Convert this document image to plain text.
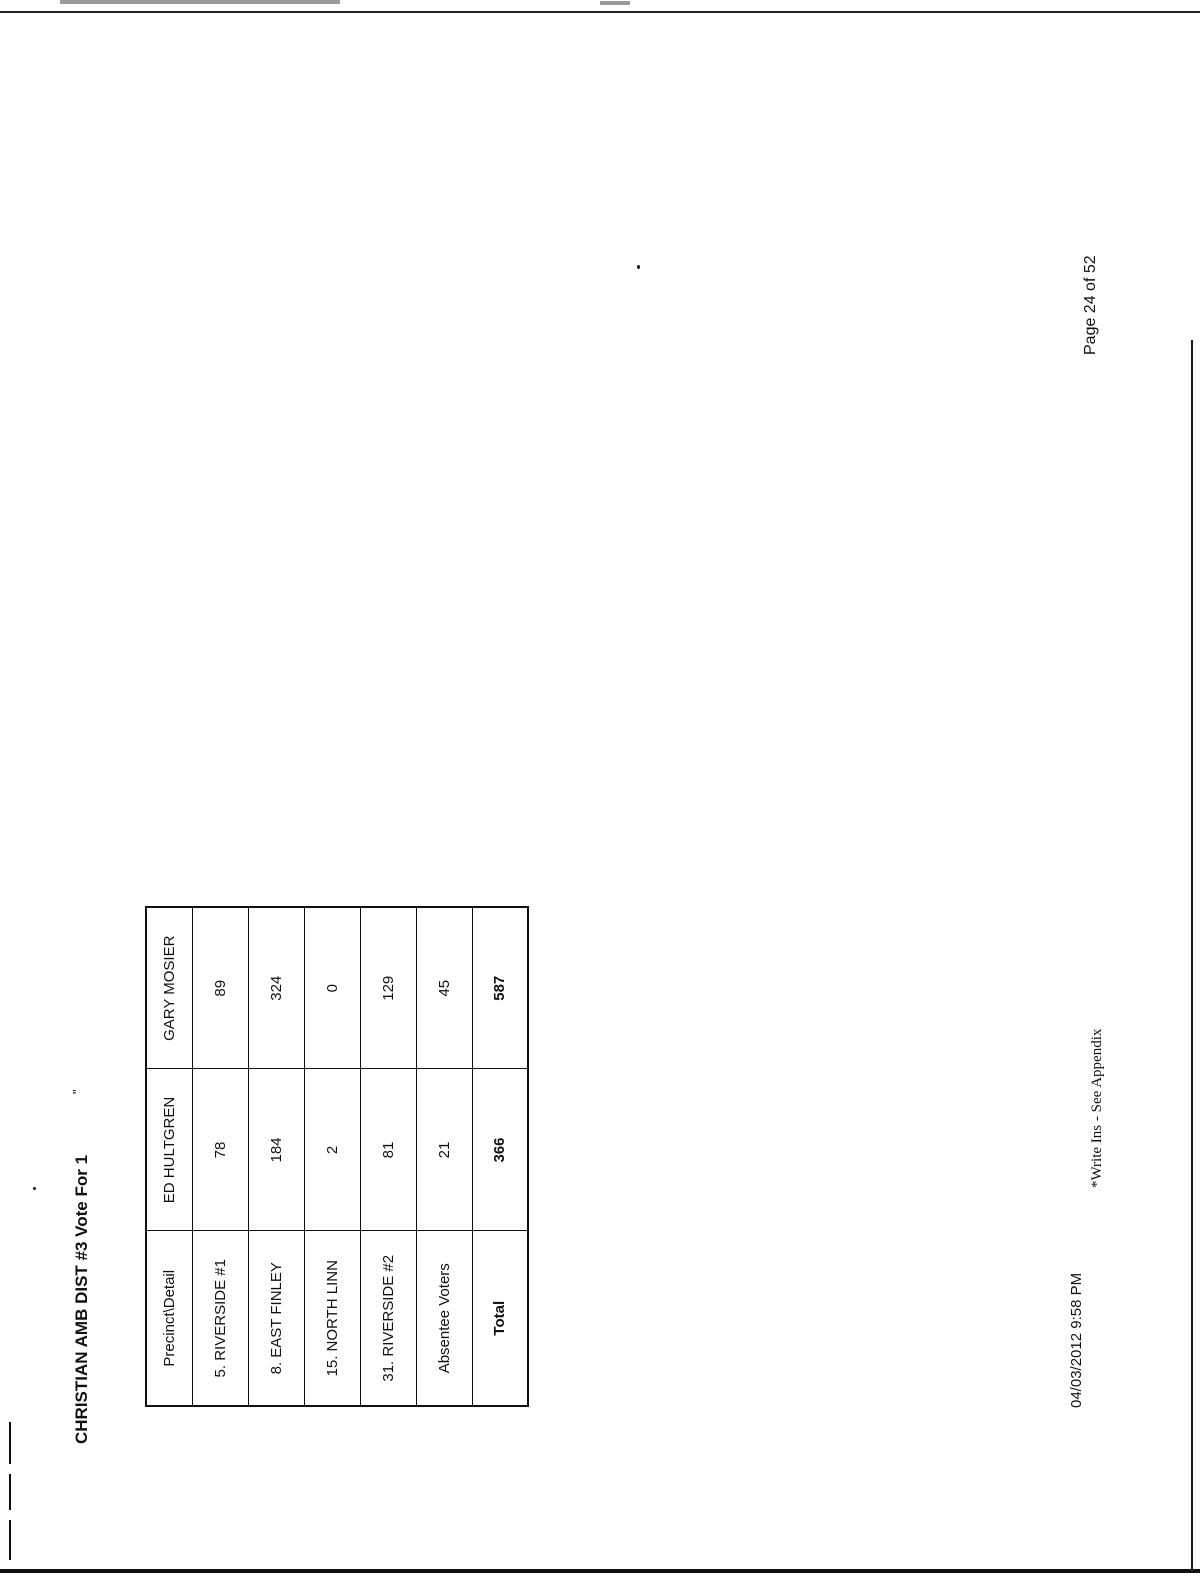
CHRISTIAN AMB DIST #3 Vote For 1
"
Precinct\Detail	ED HULTGREN	GARY MOSIER
5. RIVERSIDE #1	78	89
8. EAST FINLEY	184	324
15. NORTH LINN	2	0
31. RIVERSIDE #2	81	129
Absentee Voters	21	45
Total	366	587
04/03/2012 9:58 PM
*Write Ins - See Appendix
Page 24 of 52
